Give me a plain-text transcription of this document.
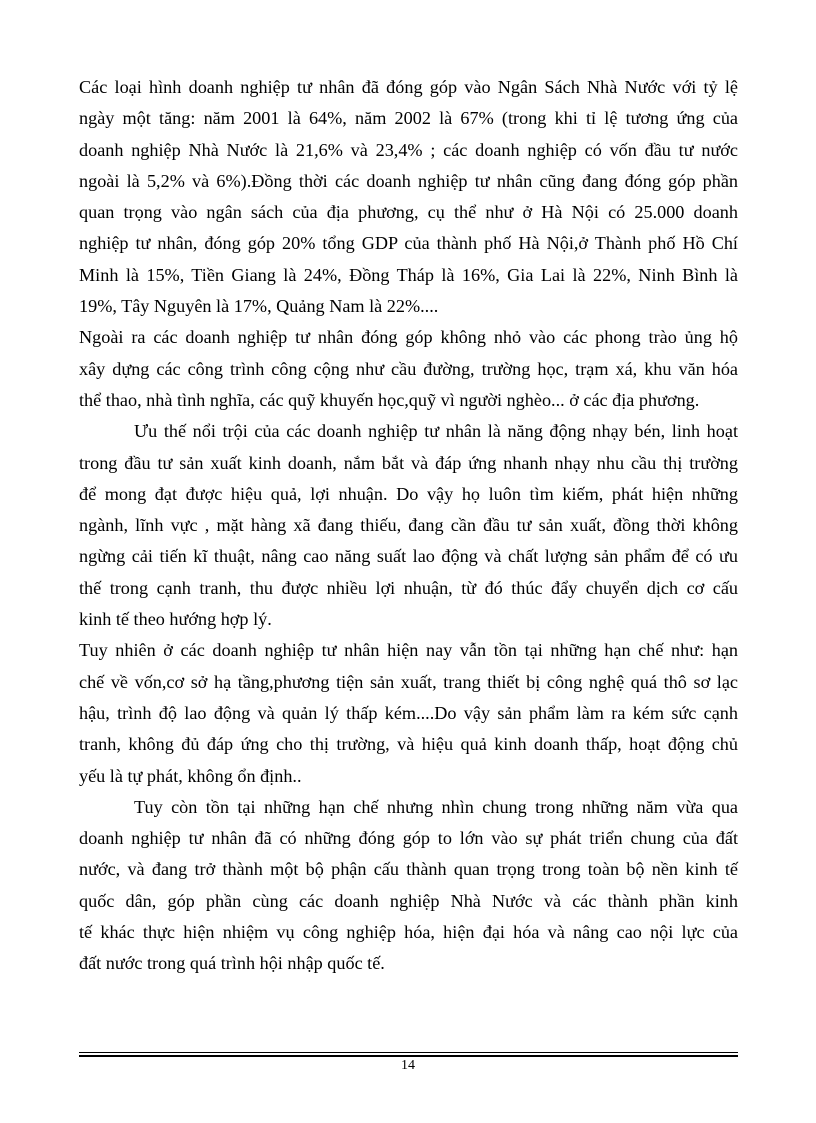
Các loại hình doanh nghiệp tư nhân đã đóng góp vào Ngân Sách Nhà Nước với tỷ lệ
ngày một tăng: năm 2001 là 64%, năm 2002 là 67% (trong khi tỉ lệ tương ứng của
doanh nghiệp Nhà Nước là 21,6% và 23,4% ; các doanh nghiệp có vốn đầu tư nước
ngoài là 5,2% và 6%).Đồng thời các doanh nghiệp tư nhân cũng đang đóng góp phần
quan trọng vào ngân sách của địa phương, cụ thể như ở Hà Nội có 25.000 doanh
nghiệp tư nhân, đóng góp 20% tổng GDP của thành phố Hà Nội,ở Thành phố Hồ Chí
Minh là 15%, Tiền Giang là 24%, Đồng Tháp là 16%, Gia Lai là 22%, Ninh Bình là
19%, Tây Nguyên là 17%, Quảng Nam là 22%....
Ngoài ra các doanh nghiệp tư nhân đóng góp không nhỏ vào các phong trào ủng hộ
xây dựng các công trình công cộng như cầu đường, trường học, trạm xá, khu văn hóa
thể thao, nhà tình nghĩa, các quỹ khuyến học,quỹ vì người nghèo... ở các địa phương.
Ưu thế nổi trội của các doanh nghiệp tư nhân là năng động nhạy bén, linh hoạt
trong đầu tư sản xuất kinh doanh, nắm bắt và đáp ứng nhanh nhạy nhu cầu thị trường
để mong đạt được hiệu quả, lợi nhuận. Do vậy họ luôn tìm kiếm, phát hiện những
ngành, lĩnh vực , mặt hàng xã đang thiếu, đang cần đầu tư sản xuất, đồng thời không
ngừng cải tiến kĩ thuật, nâng cao năng suất lao động và chất lượng sản phẩm để có ưu
thế trong cạnh tranh, thu được nhiều lợi nhuận, từ đó thúc đẩy chuyển dịch cơ cấu
kinh tế theo hướng hợp lý.
Tuy nhiên ở các doanh nghiệp tư nhân hiện nay vẫn tồn tại những hạn chế như: hạn
chế về vốn,cơ sở hạ tầng,phương tiện sản xuất, trang thiết bị công nghệ quá thô sơ lạc
hậu, trình độ lao động và quản lý thấp kém....Do vậy sản phẩm làm ra kém sức cạnh
tranh, không đủ đáp ứng cho thị trường, và hiệu quả kinh doanh thấp, hoạt động chủ
yếu là tự phát, không ổn định..
Tuy còn tồn tại những hạn chế nhưng nhìn chung trong những năm vừa qua
doanh nghiệp tư nhân đã có những đóng góp to lớn vào sự phát triển chung của đất
nước, và đang trở thành một bộ phận cấu thành quan trọng trong toàn bộ nền kinh tế
quốc dân, góp phần cùng các doanh nghiệp Nhà Nước và các thành phần kinh
tế khác thực hiện nhiệm vụ công nghiệp hóa, hiện đại hóa và nâng cao nội lực của
đất nước trong quá trình hội nhập quốc tế.
14
